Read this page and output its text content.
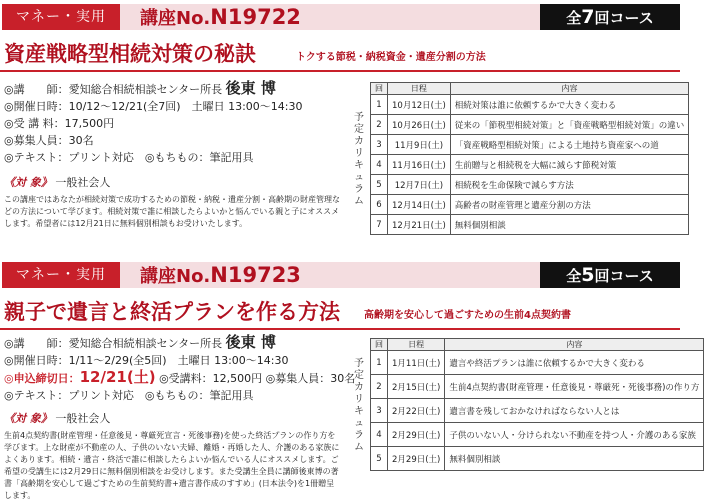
マネー・実用	講座No.N19722	全7回コース
資産戦略型相続対策の秘訣	トクする節税・納税資金・遺産分割の方法
◎講　　師：愛知総合相続相談センター所長 後東 博
◎開催日時：10/12～12/21(全7回)　土曜日 13:00～14:30
◎受 講 料：17,500円
◎募集人員：30名
◎テキスト：プリント対応　◎もちもの：筆記用具
《対 象》 一般社会人

この講座ではあなたが相続対策で成功するための節税・納税・遺産分割・高齢期の財産管理などの方法について学びます。相続対策で誰に相談したらよいかと悩んでいる親と子にオススメします。希望者には12月21日に無料個別相談もお受けいたします。

予定カリキュラム
回	日程	内容
1	10月12日(土)	相続対策は誰に依頼するかで大きく変わる
2	10月26日(土)	従来の「節税型相続対策」と「資産戦略型相続対策」の違い
3	11月9日(土)	「資産戦略型相続対策」による土地持ち資産家への道
4	11月16日(土)	生前贈与と相続税を大幅に減らす節税対策
5	12月7日(土)	相続税を生命保険で減らす方法
6	12月14日(土)	高齢者の財産管理と遺産分割の方法
7	12月21日(土)	無料個別相談
マネー・実用	講座No.N19723	全5回コース
親子で遺言と終活プランを作る方法 高齢期を安心して過ごすための生前4点契約書
◎講　　師：愛知総合相続相談センター所長 後東 博
◎開催日時：1/11～2/29(全5回)　土曜日 13:00～14:30
◎申込締切日：12/21(土) ◎受講料：12,500円 ◎募集人員：30名
◎テキスト：プリント対応　◎もちもの：筆記用具
《対 象》 一般社会人

生前4点契約書(財産管理・任意後見・尊厳死宣言・死後事務)を使った終活プランの作り方を学びます。上な財産が不動産の人、子供のいない夫婦、離婚・再婚した人、介護のある家族によくあります。相続・遺言・終活で誰に相談したらよいか悩んでいる人にオススメします。ご希望の受講生には2月29日に無料個別相談をお受けします。また受講生全員に講師後東博の著書「高齢期を安心して過ごすための生前契約書+遺言書作成のすすめ」(日本法令)を1冊贈呈します。

予定カリキュラム
回	日程	内容
1	1月11日(土)	遺言や終活プランは誰に依頼するかで大きく変わる
2	2月15日(土)	生前4点契約書(財産管理・任意後見・尊厳死・死後事務)の作り方
3	2月22日(土)	遺言書を残しておかなければならない人とは
4	2月29日(土)	子供のいない人・分けられない不動産を持つ人・介護のある家族
5	2月29日(土)	無料個別相談
